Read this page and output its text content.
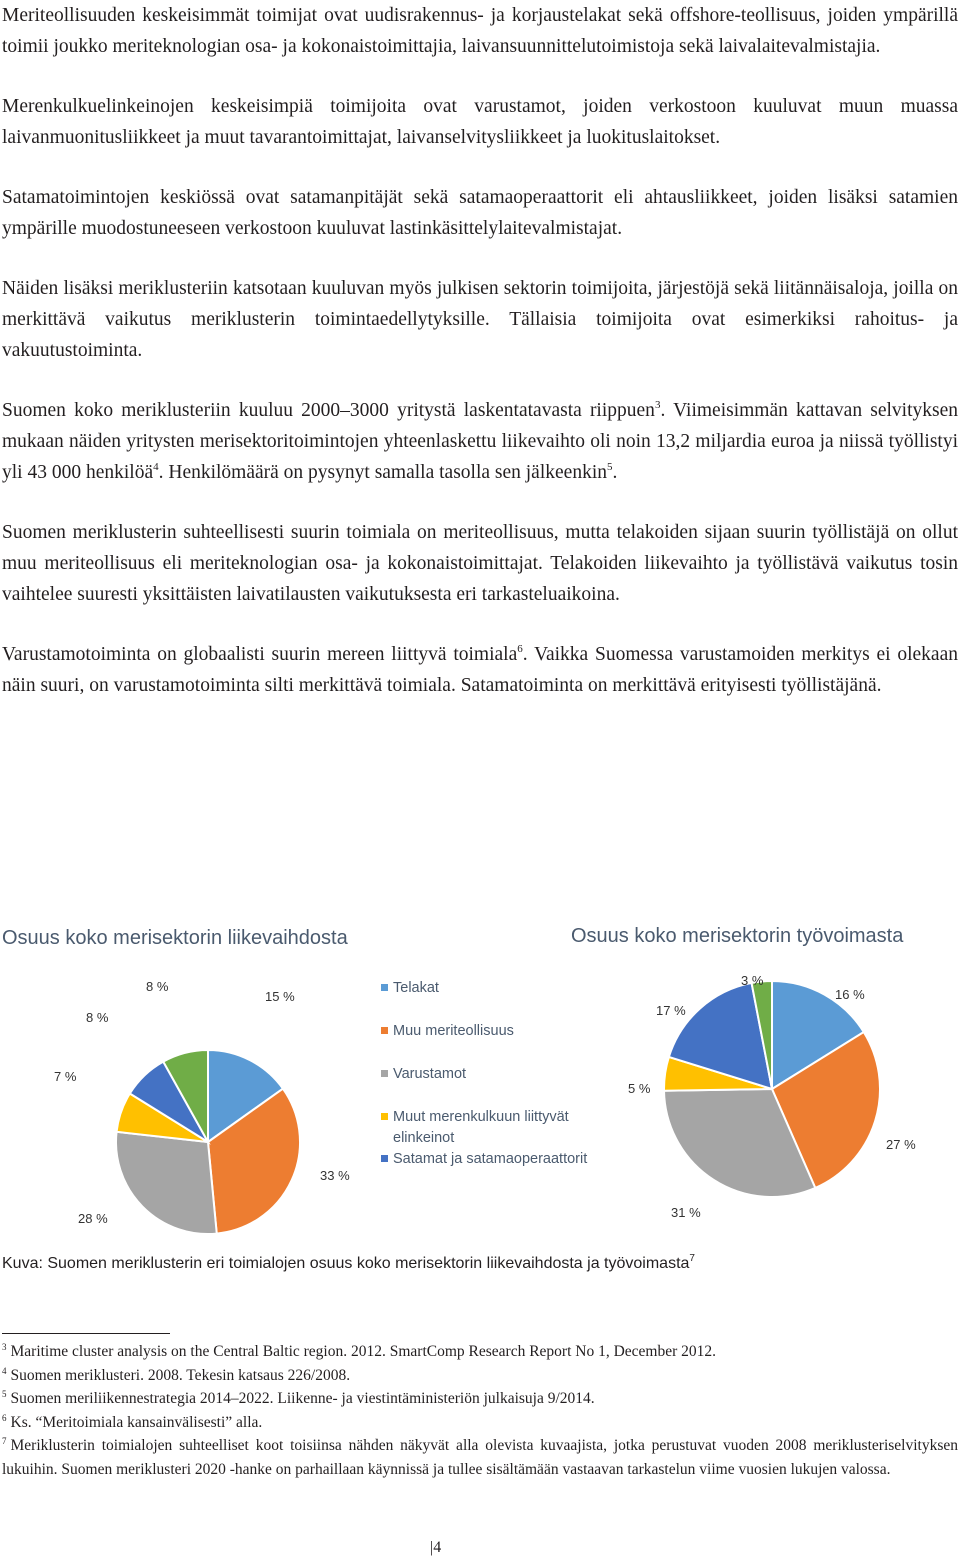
Meriteollisuuden keskeisimmät toimijat ovat uudisrakennus- ja korjaustelakat sekä offshore-teollisuus, joiden ympärillä toimii joukko meriteknologian osa- ja kokonaistoimittajia, laivansuunnittelutoimistoja sekä laivalaitevalmistajia.

Merenkulkuelinkeinojen keskeisimpiä toimijoita ovat varustamot, joiden verkostoon kuuluvat muun muassa laivanmuonitusliikkeet ja muut tavarantoimittajat, laivanselvitysliikkeet ja luokituslaitokset.

Satamatoimintojen keskiössä ovat satamanpitäjät sekä satamaoperaattorit eli ahtausliikkeet, joiden lisäksi satamien ympärille muodostuneeseen verkostoon kuuluvat lastinkäsittelylaitevalmistajat.

Näiden lisäksi meriklusteriin katsotaan kuuluvan myös julkisen sektorin toimijoita, järjestöjä sekä liitännäisaloja, joilla on merkittävä vaikutus meriklusterin toimintaedellytyksille. Tällaisia toimijoita ovat esimerkiksi rahoitus- ja vakuutustoiminta.

Suomen koko meriklusteriin kuuluu 2000–3000 yritystä laskentatavasta riippuen$^3$. Viimeisimmän kattavan selvityksen mukaan näiden yritysten merisektoritoimintojen yhteenlaskettu liikevaihto oli noin 13,2 miljardia euroa ja niissä työllistyi yli 43 000 henkilöä$^4$. Henkilömäärä on pysynyt samalla tasolla sen jälkeenkin$^5$.

Suomen meriklusterin suhteellisesti suurin toimiala on meriteollisuus, mutta telakoiden sijaan suurin työllistäjä on ollut muu meriteollisuus eli meriteknologian osa- ja kokonaistoimittajat. Telakoiden liikevaihto ja työllistävä vaikutus tosin vaihtelee suuresti yksittäisten laivatilausten vaikutuksesta eri tarkasteluaikoina.

Varustamotoiminta on globaalisti suurin mereen liittyvä toimiala$^6$. Vaikka Suomessa varustamoiden merkitys ei olekaan näin suuri, on varustamotoiminta silti merkittävä toimiala. Satamatoiminta on merkittävä erityisesti työllistäjänä.

Osuus koko merisektorin liikevaihdosta	Osuus koko merisektorin työvoimasta
15 %
33 %
28 %
7 %
8 %
8 %
16 %
27 %
31 %
5 %
17 %
3 %
Telakat
Muu meriteollisuus
Varustamot
Muut merenkulkuun liittyvät elinkeinot
Satamat ja satamaoperaattorit
Kuva: Suomen meriklusterin eri toimialojen osuus koko merisektorin liikevaihdosta ja työvoimasta$^7$

$^3$ Maritime cluster analysis on the Central Baltic region. 2012. SmartComp Research Report No 1, December 2012.

$^4$ Suomen meriklusteri. 2008. Tekesin katsaus 226/2008.

$^5$ Suomen meriliikennestrategia 2014–2022. Liikenne- ja viestintäministeriön julkaisuja 9/2014.

$^6$ Ks. “Meritoimiala kansainvälisesti” alla.

$^7$ Meriklusterin toimialojen suhteelliset koot toisiinsa nähden näkyvät alla olevista kuvaajista, jotka perustuvat vuoden 2008 meriklusteriselvityksen lukuihin. Suomen meriklusteri 2020 -hanke on parhaillaan käynnissä ja tullee sisältämään vastaavan tarkastelun viime vuosien lukujen valossa.

|4
